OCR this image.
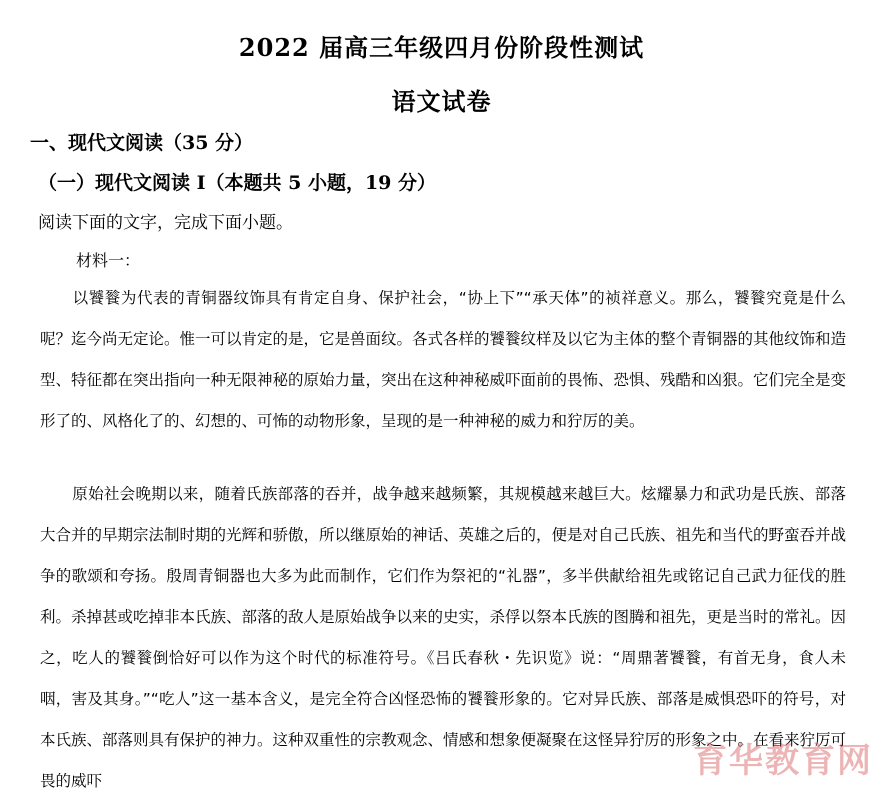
2022 届高三年级四月份阶段性测试
语文试卷
一、现代文阅读（35 分）
（一）现代文阅读 I（本题共 5 小题，19 分）
阅读下面的文字，完成下面小题。
材料一：
以饕餮为代表的青铜器纹饰具有肯定自身、保护社会，“协上下”“承天体”的祯祥意义。那么，饕餮究竟是什么呢？迄今尚无定论。惟一可以肯定的是，它是兽面纹。各式各样的饕餮纹样及以它为主体的整个青铜器的其他纹饰和造型、特征都在突出指向一种无限神秘的原始力量，突出在这种神秘威吓面前的畏怖、恐惧、残酷和凶狠。它们完全是变形了的、风格化了的、幻想的、可怖的动物形象，呈现的是一种神秘的威力和狞厉的美。
原始社会晚期以来，随着氏族部落的吞并，战争越来越频繁，其规模越来越巨大。炫耀暴力和武功是氏族、部落大合并的早期宗法制时期的光辉和骄傲，所以继原始的神话、英雄之后的，便是对自己氏族、祖先和当代的野蛮吞并战争的歌颂和夸扬。殷周青铜器也大多为此而制作，它们作为祭祀的“礼器”，多半供献给祖先或铭记自己武力征伐的胜利。杀掉甚或吃掉非本氏族、部落的敌人是原始战争以来的史实，杀俘以祭本氏族的图腾和祖先，更是当时的常礼。因之，吃人的饕餮倒恰好可以作为这个时代的标准符号。《吕氏春秋・先识览》说：“周鼎著饕餮，有首无身，食人未咽，害及其身。”“吃人”这一基本含义，是完全符合凶怪恐怖的饕餮形象的。它对异氏族、部落是威惧恐吓的符号，对本氏族、部落则具有保护的神力。这种双重性的宗教观念、情感和想象便凝聚在这怪异狞厉的形象之中。在看来狞厉可畏的威吓	育华教育网
